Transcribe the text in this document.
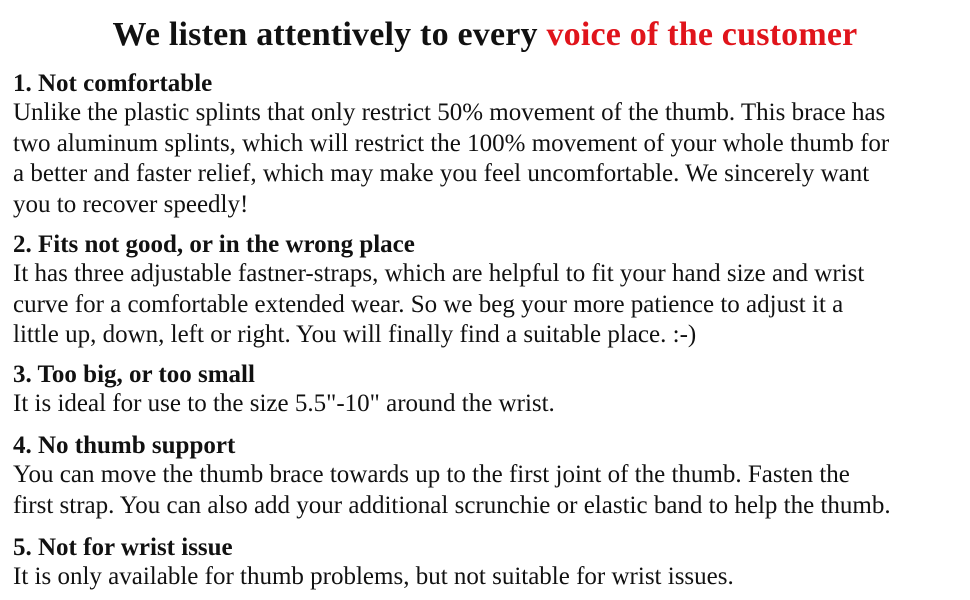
We listen attentively to every voice of the customer
1. Not comfortable
Unlike the plastic splints that only restrict 50% movement of the thumb. This brace has
two aluminum splints, which will restrict the 100% movement of your whole thumb for
a better and faster relief, which may make you feel uncomfortable. We sincerely want
you to recover speedly!
2. Fits not good, or in the wrong place
It has three adjustable fastner-straps, which are helpful to fit your hand size and wrist
curve for a comfortable extended wear. So we beg your more patience to adjust it a
little up, down, left or right. You will finally find a suitable place. :-)
3. Too big, or too small
It is ideal for use to the size 5.5"-10" around the wrist.
4. No thumb support
You can move the thumb brace towards up to the first joint of the thumb. Fasten the
first strap. You can also add your additional scrunchie or elastic band to help the thumb.
5. Not for wrist issue
It is only available for thumb problems, but not suitable for wrist issues.
